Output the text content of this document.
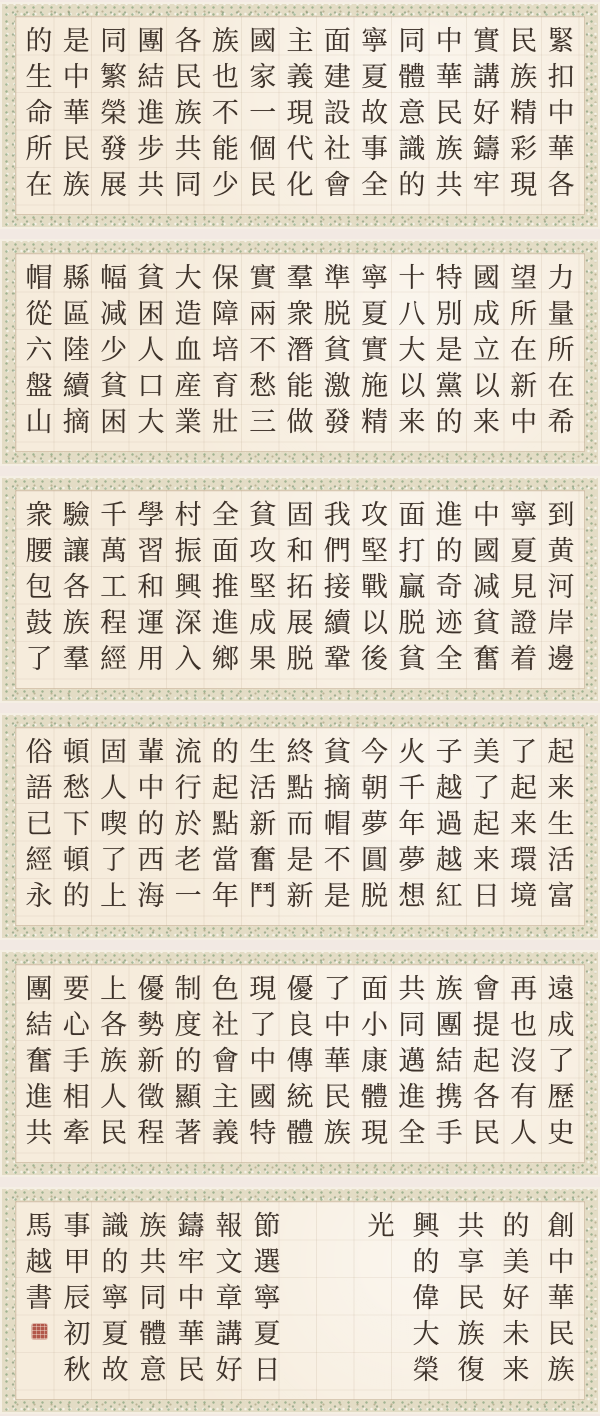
緊
扣
中
華
各
民
族
精
彩
現
實
講
好
鑄
牢
中
華
民
族
共
同
體
意
識
的
寧
夏
故
事
全
面
建
設
社
會
主
義
現
代
化
國
家
一
個
民
族
也
不
能
少
各
民
族
共
同
團
結
進
步
共
同
繁
榮
發
展
是
中
華
民
族
的
生
命
所
在
力
量
所
在
希
望
所
在
新
中
國
成
立
以
来
特
別
是
黨
的
十
八
大
以
来
寧
夏
實
施
精
準
脱
貧
激
發
羣
衆
潛
能
做
實
兩
不
愁
三
保
障
培
育
壯
大
造
血
産
業
貧
困
人
口
大
幅
减
少
貧
困
縣
區
陸
續
摘
帽
從
六
盤
山
到
黄
河
岸
邊
寧
夏
見
證
着
中
國
减
貧
奮
進
的
奇
迹
全
面
打
贏
脱
貧
攻
堅
戰
以
後
我
們
接
續
鞏
固
和
拓
展
脱
貧
攻
堅
成
果
全
面
推
進
鄉
村
振
興
深
入
學
習
和
運
用
千
萬
工
程
經
驗
讓
各
族
羣
衆
腰
包
鼓
了
起
来
生
活
富
了
起
来
環
境
美
了
起
来
日
子
越
過
越
紅
火
千
年
夢
想
今
朝
夢
圓
脱
貧
摘
帽
不
是
終
點
而
是
新
生
活
新
奮
鬥
的
起
點
當
年
流
行
於
老
一
輩
中
的
西
海
固
人
喫
了
上
頓
愁
下
頓
的
俗
語
已
經
永
遠
成
了
歷
史
再
也
沒
有
人
會
提
起
各
民
族
團
結
携
手
共
同
邁
進
全
面
小
康
體
現
了
中
華
民
族
優
良
傳
統
體
現
了
中
國
特
色
社
會
主
義
制
度
的
顯
著
優
勢
新
徵
程
上
各
族
人
民
要
心
手
相
牽
團
結
奮
進
共
創
中
華
民
族
的
美
好
未
来
共
享
民
族
復
興
的
偉
大
榮
光
節
選
寧
夏
日
報
文
章
講
好
鑄
牢
中
華
民
族
共
同
體
意
識
的
寧
夏
故
事
甲
辰
初
秋
馬
越
書
